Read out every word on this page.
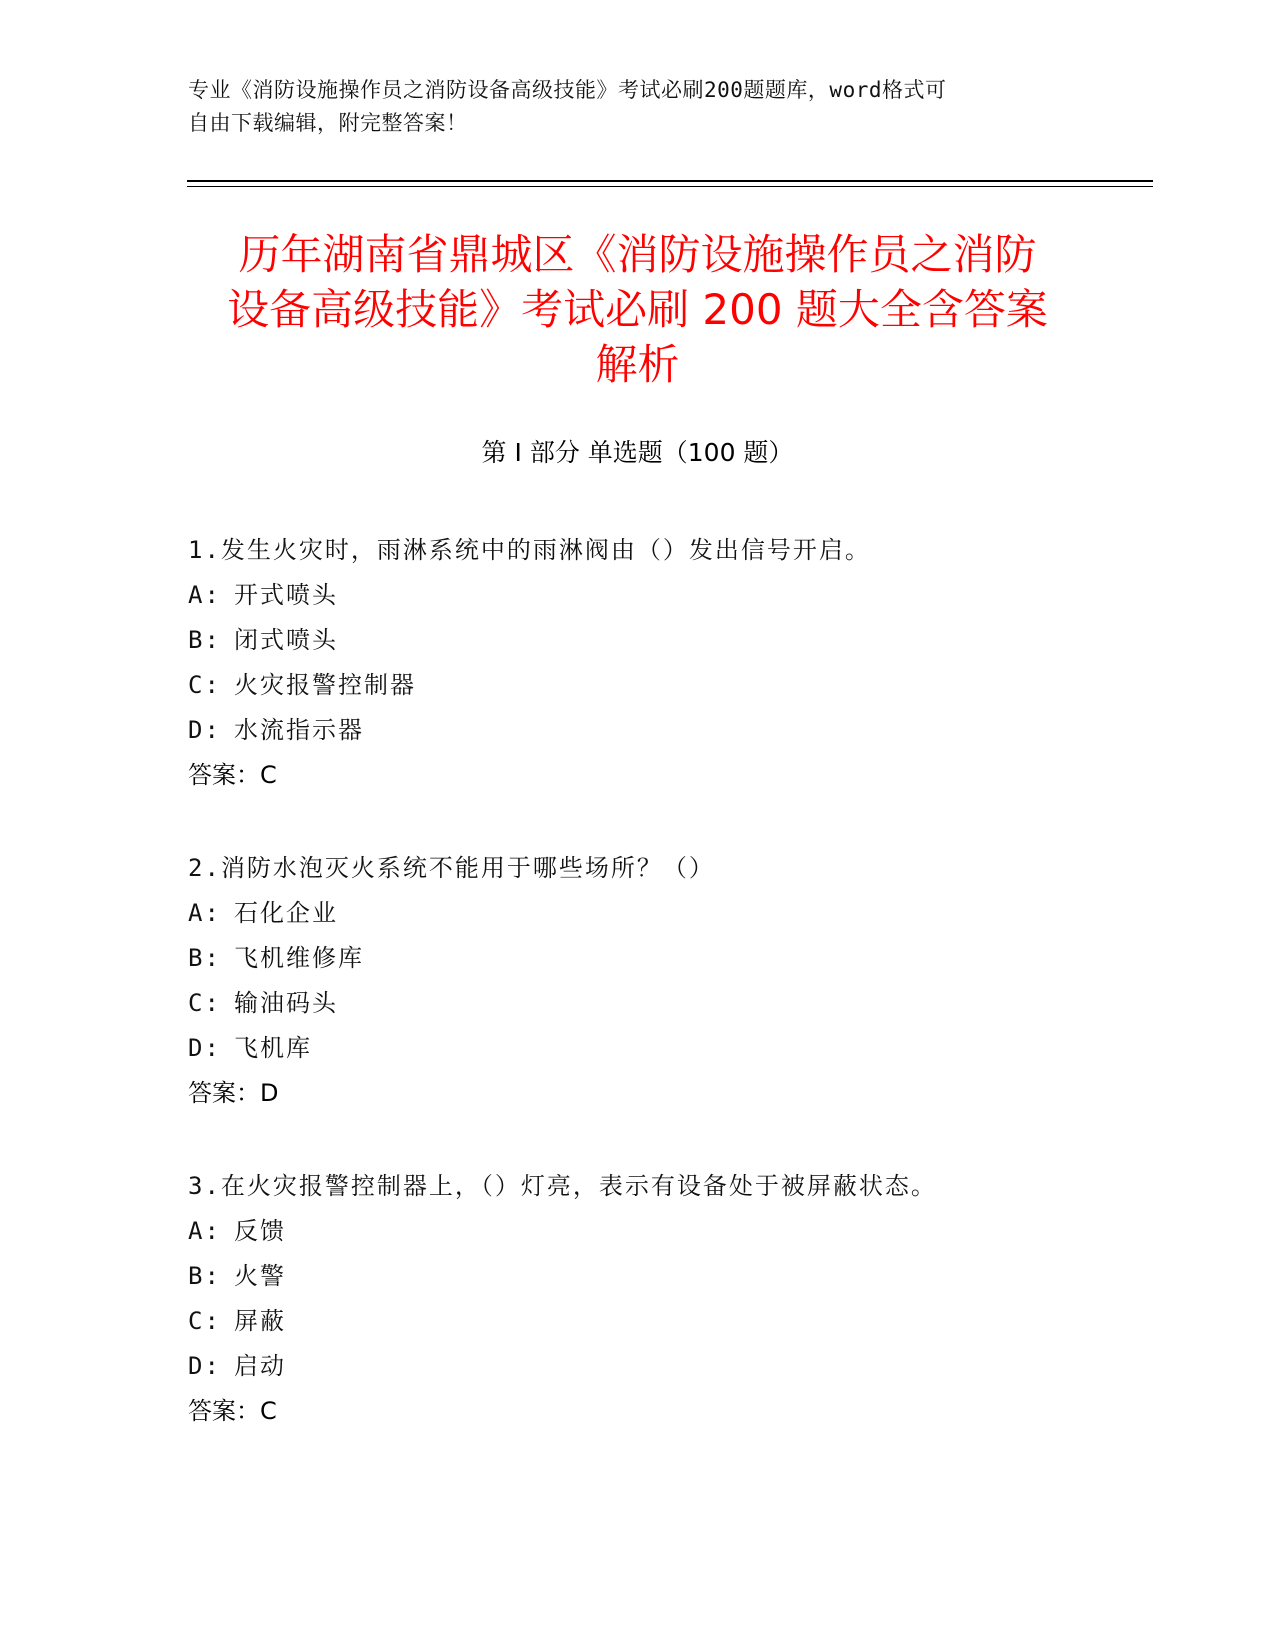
专业《消防设施操作员之消防设备高级技能》考试必刷200题题库，word格式可
自由下载编辑，附完整答案！
历年湖南省鼎城区《消防设施操作员之消防
设备高级技能》考试必刷 200 题大全含答案
解析
第 I 部分 单选题（100 题）
1.发生火灾时，雨淋系统中的雨淋阀由（）发出信号开启。
A: 开式喷头
B: 闭式喷头
C: 火灾报警控制器
D: 水流指示器
答案：C
2.消防水泡灭火系统不能用于哪些场所？（）
A: 石化企业
B: 飞机维修库
C: 输油码头
D: 飞机库
答案：D
3.在火灾报警控制器上，（）灯亮，表示有设备处于被屏蔽状态。
A: 反馈
B: 火警
C: 屏蔽
D: 启动
答案：C
